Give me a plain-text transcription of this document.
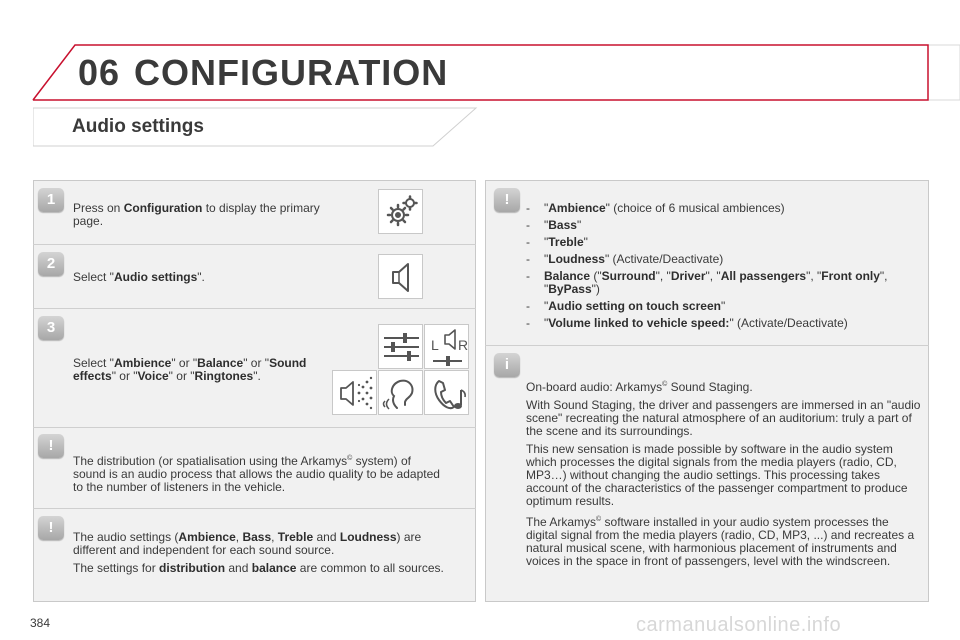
06 CONFIGURATION
Audio settings
1	Press on Configuration to display the primary page.
2
Select "Audio settings".
3
Select "Ambience" or "Balance" or "Sound effects" or "Voice" or "Ringtones".
L R
!
The distribution (or spatialisation using the Arkamys© system) of sound is an audio process that allows the audio quality to be adapted to the number of listeners in the vehicle.
!

The audio settings (Ambience, Bass, Treble and Loudness) are different and independent for each sound source.

The settings for distribution and balance are common to all sources.

!	- "Ambience" (choice of 6 musical ambiences)
- "Bass"
- "Treble"
- "Loudness" (Activate/Deactivate)
- Balance ("Surround", "Driver", "All passengers", "Front only", "ByPass")
- "Audio setting on touch screen"
- "Volume linked to vehicle speed:" (Activate/Deactivate)
i

On-board audio: Arkamys© Sound Staging.

With Sound Staging, the driver and passengers are immersed in an "audio scene" recreating the natural atmosphere of an auditorium: truly a part of the scene and its surroundings.

This new sensation is made possible by software in the audio system which processes the digital signals from the media players (radio, CD, MP3…) without changing the audio settings. This processing takes account of the characteristics of the passenger compartment to produce optimum results.

The Arkamys© software installed in your audio system processes the digital signal from the media players (radio, CD, MP3, ...) and recreates a natural musical scene, with harmonious placement of instruments and voices in the space in front of passengers, level with the windscreen.

384	carmanualsonline.info
